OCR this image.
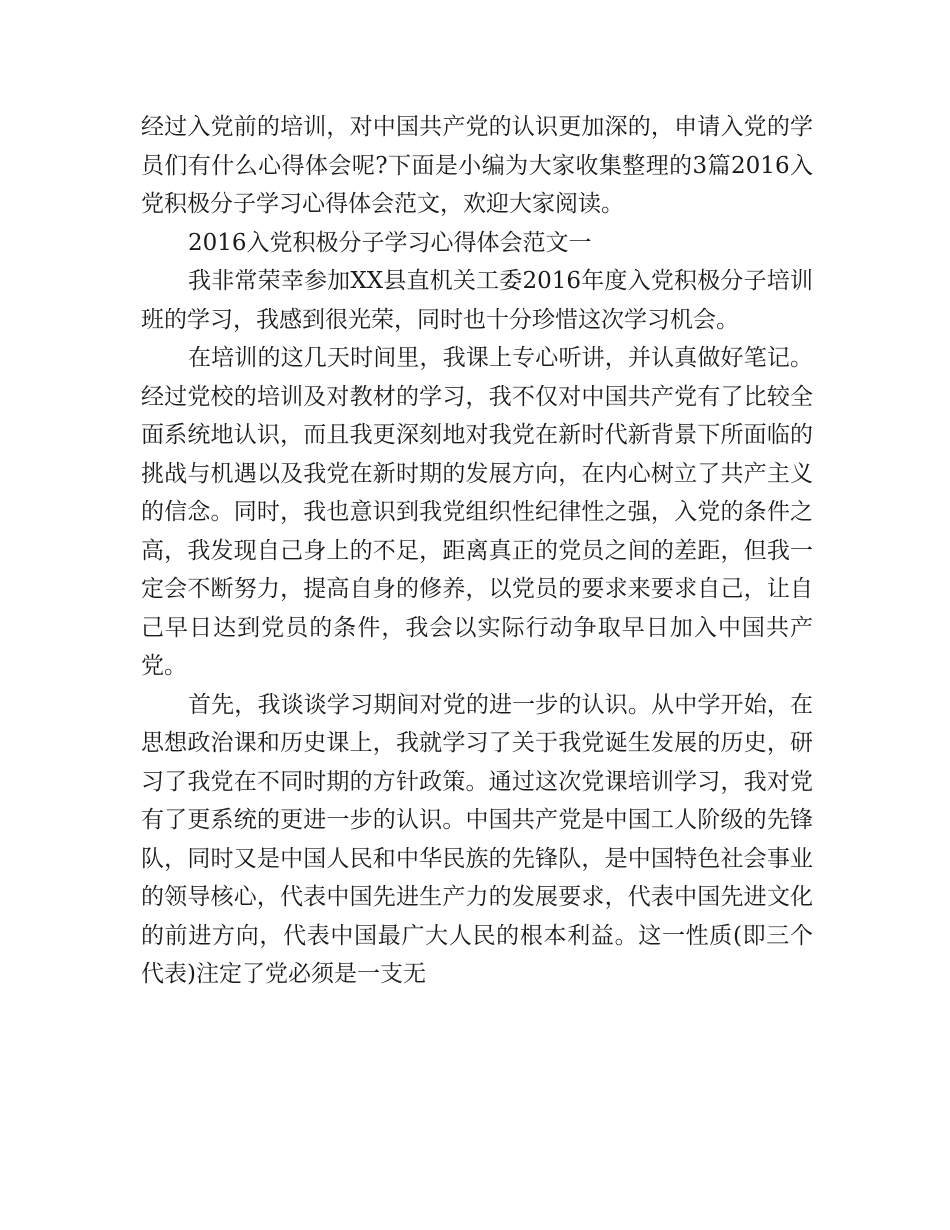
经过入党前的培训，对中国共产党的认识更加深的，申请入党的学员们有什么心得体会呢?下面是小编为大家收集整理的3篇2016入党积极分子学习心得体会范文，欢迎大家阅读。

2016入党积极分子学习心得体会范文一

我非常荣幸参加XX县直机关工委2016年度入党积极分子培训班的学习，我感到很光荣，同时也十分珍惜这次学习机会。

在培训的这几天时间里，我课上专心听讲，并认真做好笔记。经过党校的培训及对教材的学习，我不仅对中国共产党有了比较全面系统地认识，而且我更深刻地对我党在新时代新背景下所面临的挑战与机遇以及我党在新时期的发展方向，在内心树立了共产主义的信念。同时，我也意识到我党组织性纪律性之强，入党的条件之高，我发现自己身上的不足，距离真正的党员之间的差距，但我一定会不断努力，提高自身的修养，以党员的要求来要求自己，让自己早日达到党员的条件，我会以实际行动争取早日加入中国共产党。

首先，我谈谈学习期间对党的进一步的认识。从中学开始，在思想政治课和历史课上，我就学习了关于我党诞生发展的历史，研习了我党在不同时期的方针政策。通过这次党课培训学习，我对党有了更系统的更进一步的认识。中国共产党是中国工人阶级的先锋队，同时又是中国人民和中华民族的先锋队，是中国特色社会事业的领导核心，代表中国先进生产力的发展要求，代表中国先进文化的前进方向，代表中国最广大人民的根本利益。这一性质(即三个代表)注定了党必须是一支无
